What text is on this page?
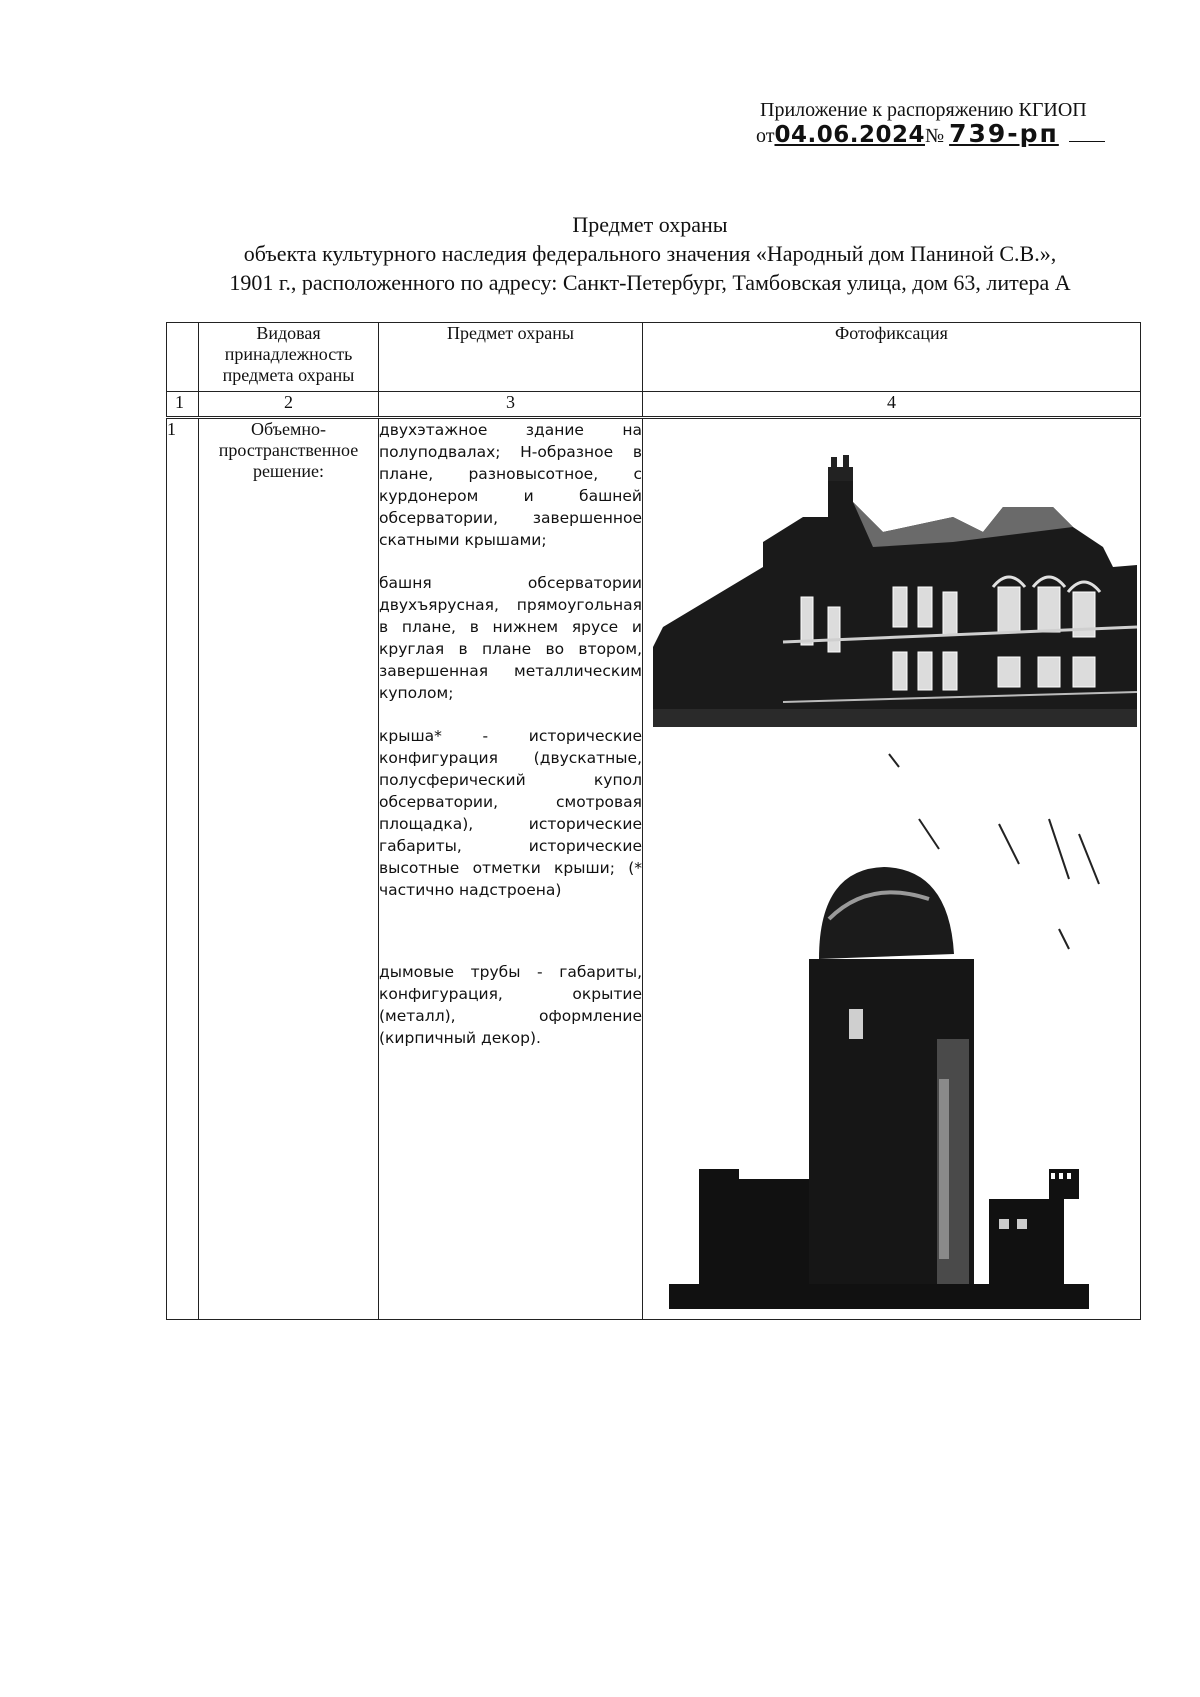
Приложение к распоряжению КГИОП
от04.06.2024№ 739-рп
Предмет охраны
объекта культурного наследия федерального значения «Народный дом Паниной С.В.»,
1901 г., расположенного по адресу: Санкт-Петербург, Тамбовская улица, дом 63, литера А
	Видовая принадлежность предмета охраны	Предмет охраны	Фотофиксация
1	2	3	4
1	Объемно-пространственное решение:	двухэтажное здание на полуподвалах; Н-образное в плане, разновысотное, с курдонером и башней обсерватории, завершенное скатными крышами;

башня обсерватории двухъярусная, прямоугольная в плане, в нижнем ярусе и круглая в плане во втором, завершенная металлическим куполом;

крыша* - исторические конфигурация (двускатные, полусферический купол обсерватории, смотровая площадка), исторические габариты, исторические высотные отметки крыши; (* частично надстроена)

дымовые трубы - габариты, конфигурация, окрытие (металл), оформление (кирпичный декор).
